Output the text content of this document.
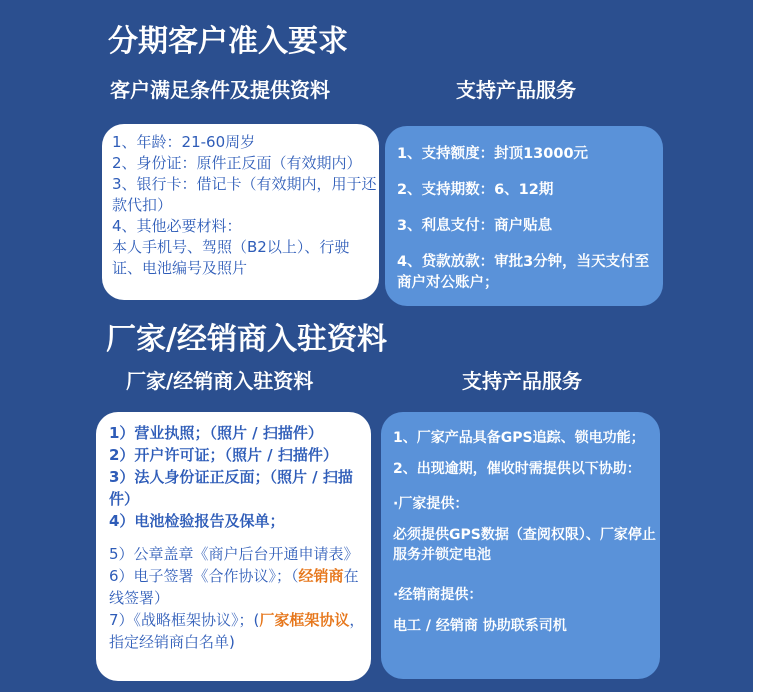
分期客户准入要求
客户满足条件及提供资料	支持产品服务

1、年龄：21-60周岁

2、身份证：原件正反面（有效期内）

3、银行卡：借记卡（有效期内，用于还款代扣）

4、其他必要材料：

本人手机号、驾照（B2以上）、行驶证、电池编号及照片

1、支持额度：封顶13000元

2、支持期数：6、12期

3、利息支付：商户贴息

4、贷款放款：审批3分钟，当天支付至商户对公账户；

厂家/经销商入驻资料
厂家/经销商入驻资料	支持产品服务

1）营业执照；（照片 / 扫描件）

2）开户许可证；（照片 / 扫描件）

3）法人身份证正反面；（照片 / 扫描件）

4）电池检验报告及保单；

5）公章盖章《商户后台开通申请表》

6）电子签署《合作协议》；（经销商在线签署）

7）《战略框架协议》；(厂家框架协议，指定经销商白名单)

1、厂家产品具备GPS追踪、锁电功能；

2、出现逾期，催收时需提供以下协助：

·厂家提供：

必须提供GPS数据（查阅权限）、厂家停止服务并锁定电池

·经销商提供：

电工 / 经销商 协助联系司机
